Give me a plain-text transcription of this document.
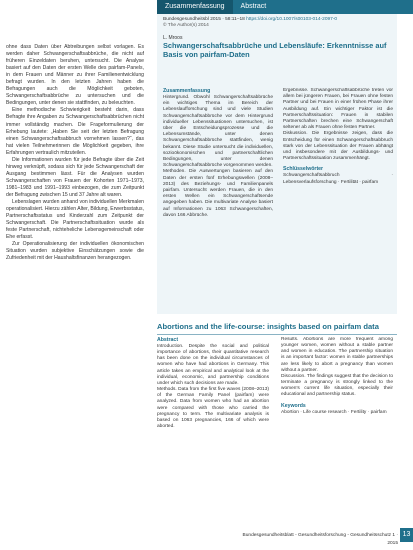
ohne dass Daten über Abtreibungen selbst vorlagen. Es werden daher Schwangerschaftsabbrüche, die nicht auf früheren Einzeldaten beruhen, untersucht. Die Analyse basiert auf den Daten der ersten Welle des pairfam-Panels, in dem Frauen und Männer zu ihrer Familienentwicklung befragt wurden. In den letzten Jahren haben die Befragungen auch die Möglichkeit geboten, Schwangerschaftsabbrüche zu untersuchen und die Bedingungen, unter denen sie stattfinden, zu beleuchten.

Eine methodische Schwierigkeit besteht darin, dass Befragte ihre Angaben zu Schwangerschaftsabbrüchen nicht immer vollständig machen. Die Frageformulierung der Erhebung lautete: „Haben Sie seit der letzten Befragung einen Schwangerschaftsabbruch vornehmen lassen?“, das hat vielen Teilnehmerinnen die Möglichkeit gegeben, ihre Erfahrungen vertraulich mitzuteilen.

Die Informationen wurden für jede Befragte über die Zeit hinweg verknüpft, sodass sich für jede Schwangerschaft der Ausgang bestimmen lässt. Für die Analysen wurden Schwangerschaften von Frauen der Kohorten 1971–1973, 1981–1983 und 1991–1993 einbezogen, die zum Zeitpunkt der Befragung zwischen 15 und 37 Jahre alt waren.

Lebenslagen wurden anhand von individuellen Merkmalen operationalisiert. Hierzu zählen Alter, Bildung, Erwerbsstatus, Partnerschaftsstatus und Kinderzahl zum Zeitpunkt der Schwangerschaft. Die Partnerschaftssituation wurde als feste Partnerschaft, nichteheliche Lebensgemeinschaft oder Ehe erfasst.

Zur Operationalisierung der individuellen ökonomischen Situation wurden subjektive Einschätzungen sowie die Zufriedenheit mit der Haushaltsfinanzen herangezogen.

Zusammenfassung Abstract
Bundesgesundheitsbl 2015 · 58:11–18 https://doi.org/10.1007/s00103-014-2097-0
© The Author(s) 2014
L. Mroos
Schwangerschaftsabbrüche und Lebensläufe: Erkenntnisse auf Basis von pairfam-Daten
Zusammenfassung
Hintergrund. Obwohl Schwangerschaftsabbrüche ein wichtiges Thema im Bereich der Lebenslaufforschung sind und viele Studien Schwangerschaftsabbrüche vor dem Hintergrund individueller Lebenssituationen untersuchen, ist über die Entscheidungsprozesse und die Lebensumstände, unter denen Schwangerschaftsabbrüche stattfinden, wenig bekannt. Diese Studie untersucht die individuellen, sozioökonomischen und partnerschaftlichen Bedingungen, unter denen Schwangerschaftsabbrüche vorgenommen werden.
Methoden. Die Auswertungen basieren auf den Daten der ersten fünf Erhebungswellen (2008–2013) des Beziehungs- und Familienpanels pairfam. Untersucht werden Frauen, die in den ersten Wellen ein Schwangerschaftsende angegeben haben. Die multivariate Analyse basiert auf Informationen zu 1063 Schwangerschaften, davon 166 Abbrüche.
Ergebnisse. Schwangerschaftsabbrüche treten vor allem bei jüngeren Frauen, bei Frauen ohne festen Partner und bei Frauen in einer frühen Phase ihrer Ausbildung auf. Ein wichtiger Faktor ist die Partnerschaftssituation: Frauen in stabilen Partnerschaften brechen eine Schwangerschaft seltener ab als Frauen ohne festen Partner.
Diskussion. Die Ergebnisse zeigen, dass die Entscheidung für einen Schwangerschaftsabbruch stark von der Lebenssituation der Frauen abhängt und insbesondere mit der Ausbildungs- und Partnerschaftssituation zusammenhängt.
Schlüsselwörter
Schwangerschaftsabbruch · Lebensverlaufsforschung · Fertilität · pairfam
Abortions and the life-course: insights based on pairfam data
Abstract
Introduction. Despite the social and political importance of abortions, their quantitative research has been done on the individual circumstances of women who have had abortions in Germany. This article takes an empirical and analytical look at the individual, economic, and partnership conditions under which such decisions are made.
Methods. Data from the first five waves (2008–2013) of the German Family Panel (pairfam) were analyzed. Data from women who had an abortion were compared with those who carried the pregnancy to term. The multivariate analysis is based on 1063 pregnancies, 166 of which were aborted.
Results. Abortions are more frequent among younger women, women without a stable partner and women in education. The partnership situation is an important factor: women in stable partnerships are less likely to abort a pregnancy than women without a partner.
Discussion. The findings suggest that the decision to terminate a pregnancy is strongly linked to the women's current life situation, especially their educational and partnership status.
Keywords
Abortion · Life course research · Fertility · pairfam
Bundesgesundheitsblatt - Gesundheitsforschung - Gesundheitsschutz 1 · 2015
13
